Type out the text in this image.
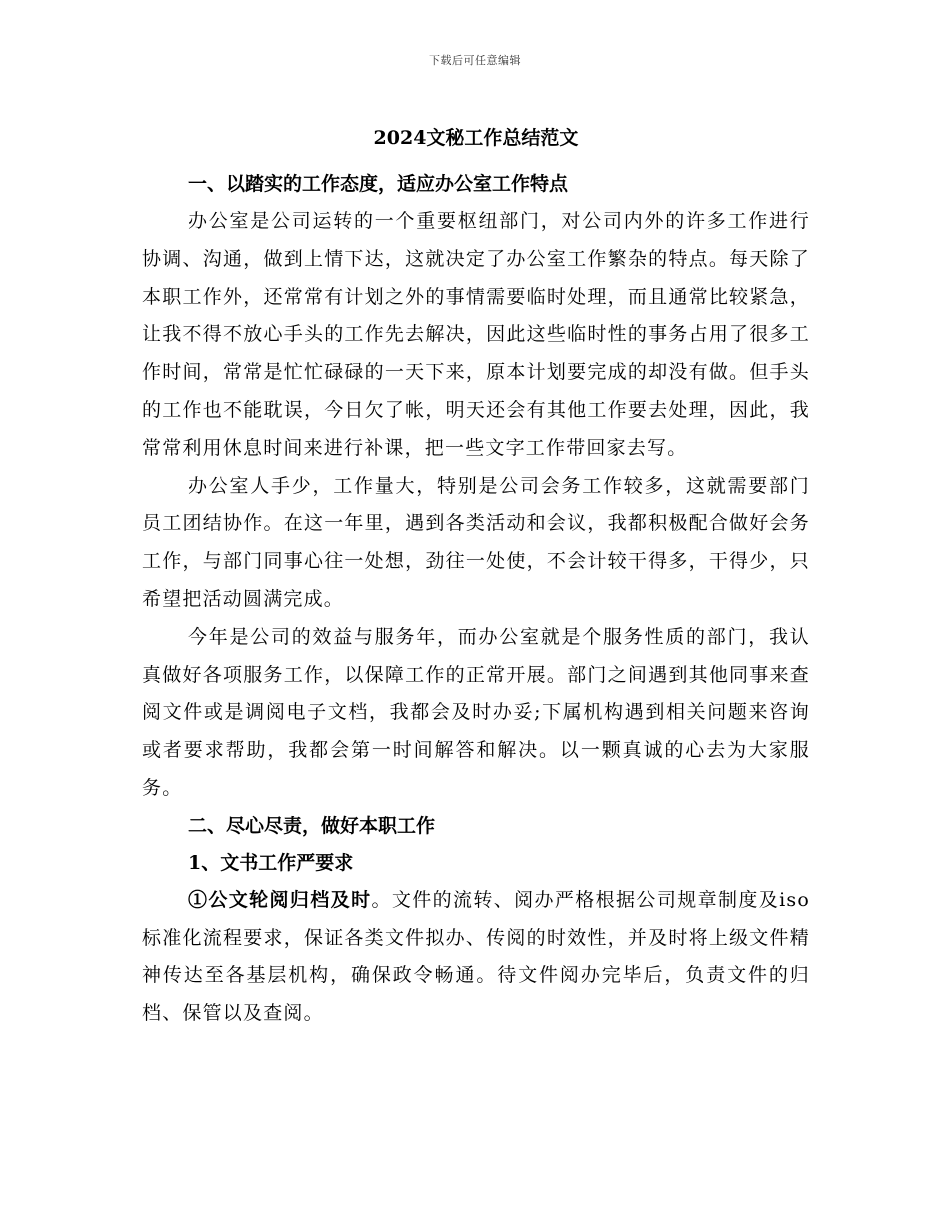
下载后可任意编辑
2024文秘工作总结范文
一、以踏实的工作态度，适应办公室工作特点

办公室是公司运转的一个重要枢纽部门，对公司内外的许多工作进行协调、沟通，做到上情下达，这就决定了办公室工作繁杂的特点。每天除了本职工作外，还常常有计划之外的事情需要临时处理，而且通常比较紧急，让我不得不放心手头的工作先去解决，因此这些临时性的事务占用了很多工作时间，常常是忙忙碌碌的一天下来，原本计划要完成的却没有做。但手头的工作也不能耽误，今日欠了帐，明天还会有其他工作要去处理，因此，我常常利用休息时间来进行补课，把一些文字工作带回家去写。

办公室人手少，工作量大，特别是公司会务工作较多，这就需要部门员工团结协作。在这一年里，遇到各类活动和会议，我都积极配合做好会务工作，与部门同事心往一处想，劲往一处使，不会计较干得多，干得少，只希望把活动圆满完成。

今年是公司的效益与服务年，而办公室就是个服务性质的部门，我认真做好各项服务工作，以保障工作的正常开展。部门之间遇到其他同事来查阅文件或是调阅电子文档，我都会及时办妥;下属机构遇到相关问题来咨询或者要求帮助，我都会第一时间解答和解决。以一颗真诚的心去为大家服务。

二、尽心尽责，做好本职工作
1、文书工作严要求

①公文轮阅归档及时。文件的流转、阅办严格根据公司规章制度及iso标准化流程要求，保证各类文件拟办、传阅的时效性，并及时将上级文件精神传达至各基层机构，确保政令畅通。待文件阅办完毕后，负责文件的归档、保管以及查阅。
